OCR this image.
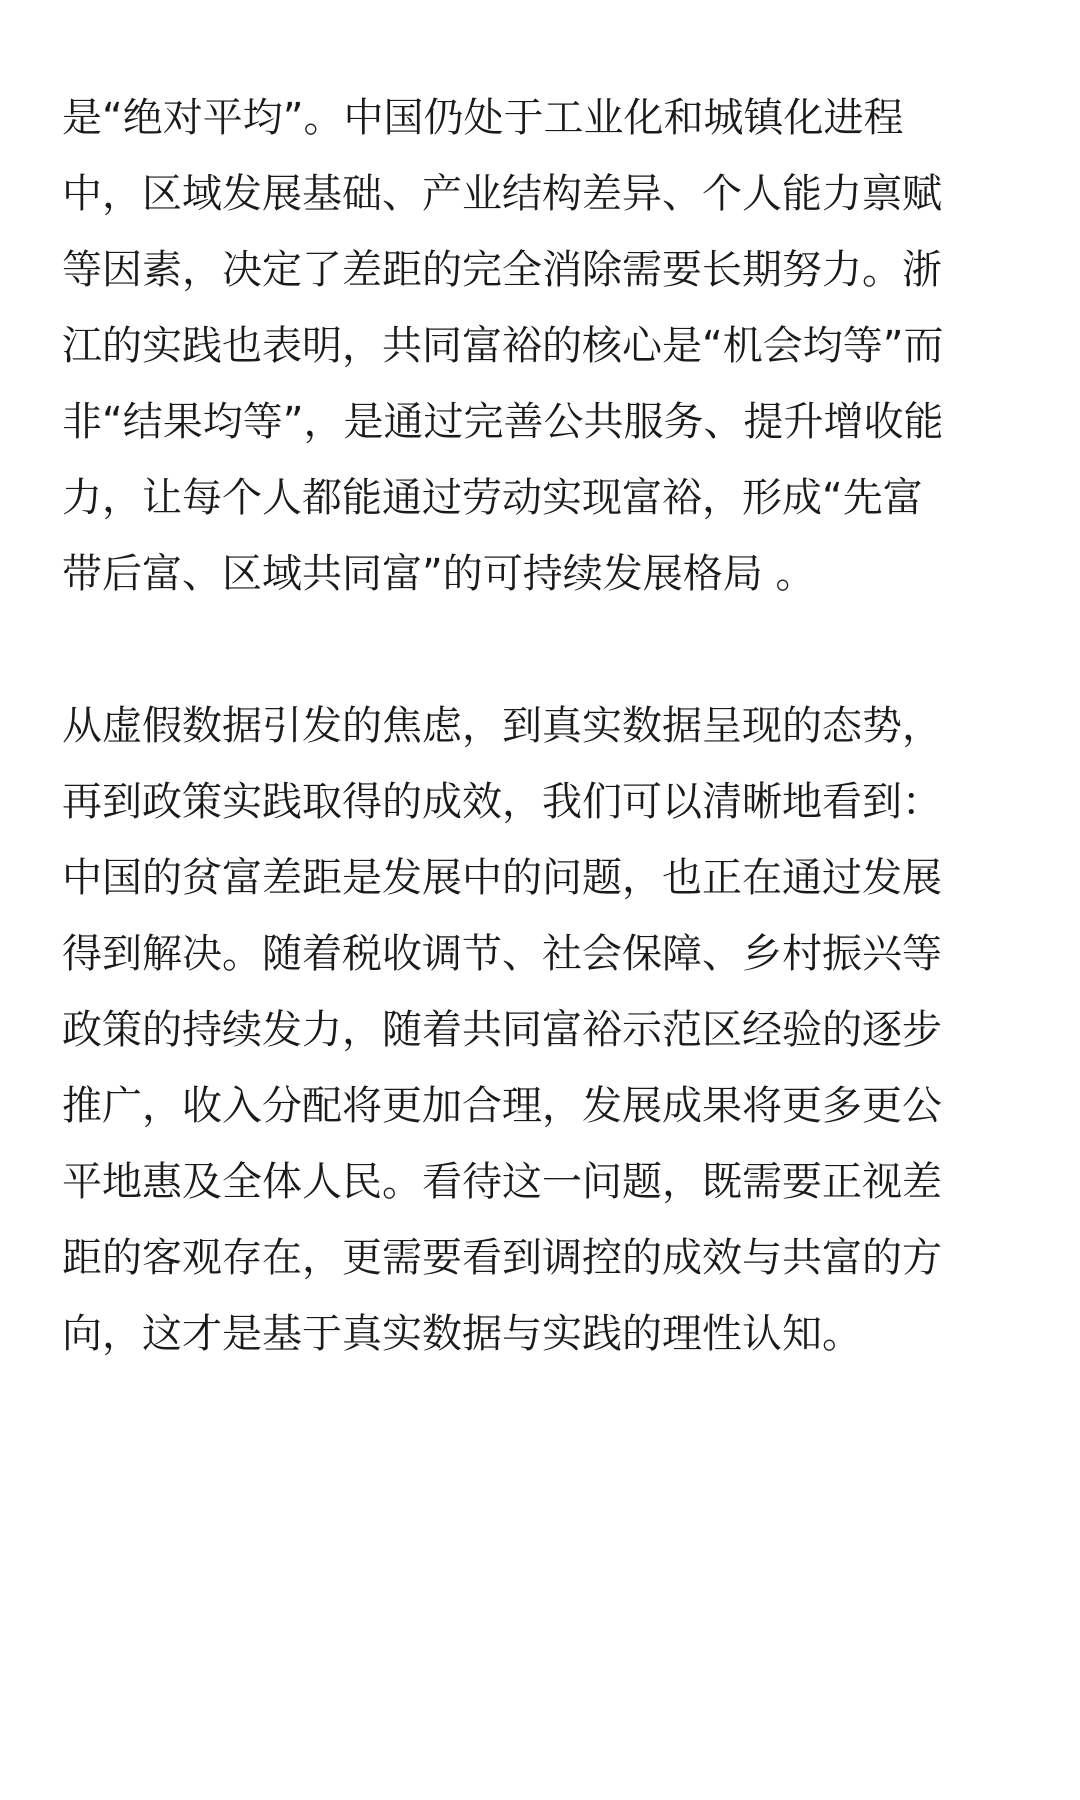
是“绝对平均”。中国仍处于工业化和城镇化进程
中，区域发展基础、产业结构差异、个人能力禀赋
等因素，决定了差距的完全消除需要长期努力。浙
江的实践也表明，共同富裕的核心是“机会均等”而
非“结果均等”，是通过完善公共服务、提升增收能
力，让每个人都能通过劳动实现富裕，形成“先富
带后富、区域共同富”的可持续发展格局 。
从虚假数据引发的焦虑，到真实数据呈现的态势，
再到政策实践取得的成效，我们可以清晰地看到：
中国的贫富差距是发展中的问题，也正在通过发展
得到解决。随着税收调节、社会保障、乡村振兴等
政策的持续发力，随着共同富裕示范区经验的逐步
推广，收入分配将更加合理，发展成果将更多更公
平地惠及全体人民。看待这一问题，既需要正视差
距的客观存在，更需要看到调控的成效与共富的方
向，这才是基于真实数据与实践的理性认知。
